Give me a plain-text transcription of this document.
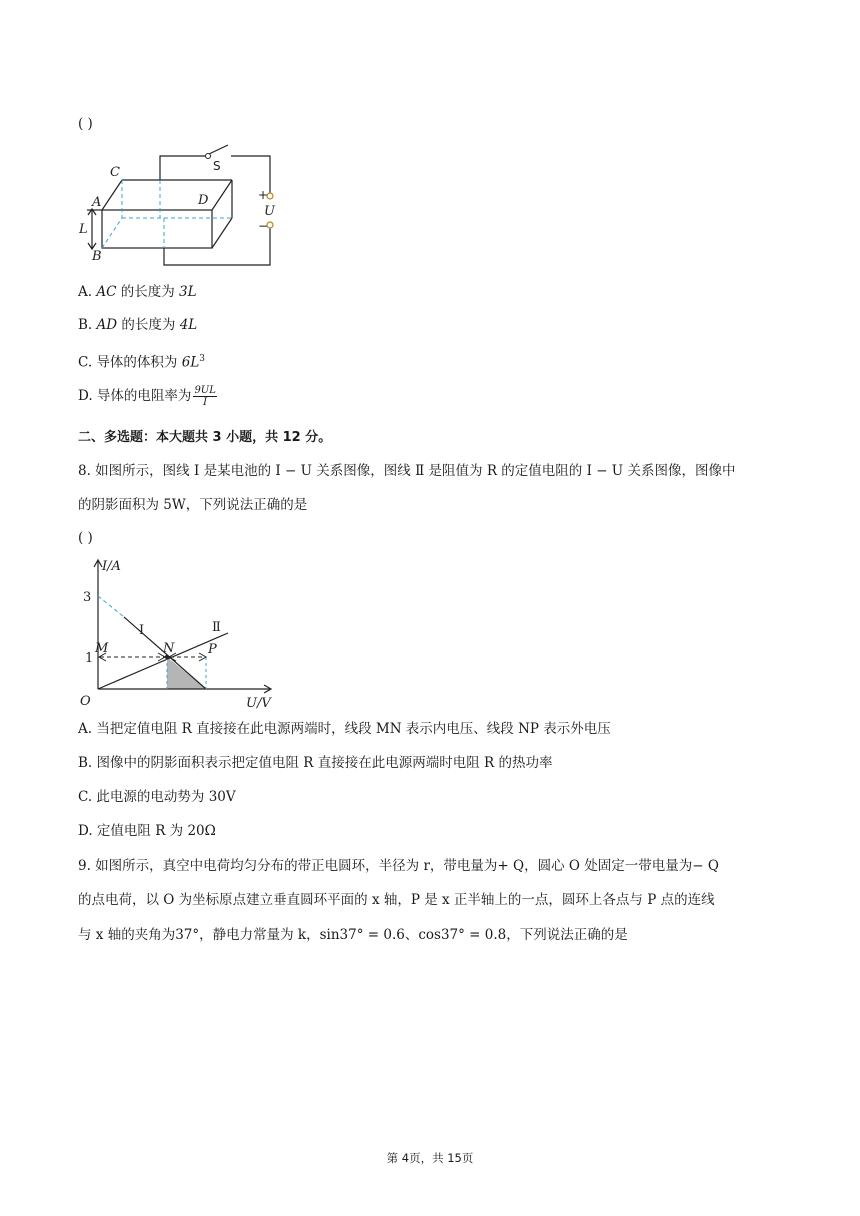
( )
C
A	D
B
L
U
S
+
−
A. AC 的长度为 3L
B. AD 的长度为 4L
C. 导体的体积为 $6L^3$
D. 导体的电阻率为 $\frac{9UL}{I}$
二、多选题：本大题共 3 小题，共 12 分。
8. 如图所示，图线 Ⅰ 是某电池的 I − U 关系图像，图线 Ⅱ 是阻值为 R 的定值电阻的 I − U 关系图像，图像中
的阴影面积为 5W，下列说法正确的是
( )
I/A
U/V
O
3
1
M	N	P
Ⅰ	Ⅱ
A. 当把定值电阻 R 直接接在此电源两端时，线段 MN 表示内电压、线段 NP 表示外电压
B. 图像中的阴影面积表示把定值电阻 R 直接接在此电源两端时电阻 R 的热功率
C. 此电源的电动势为 30V
D. 定值电阻 R 为 20Ω
9. 如图所示，真空中电荷均匀分布的带正电圆环，半径为 r，带电量为+ Q，圆心 O 处固定一带电量为− Q
的点电荷，以 O 为坐标原点建立垂直圆环平面的 x 轴，P 是 x 正半轴上的一点，圆环上各点与 P 点的连线
与 x 轴的夹角为37°，静电力常量为 k，sin37° = 0.6、cos37° = 0.8，下列说法正确的是
第 4页，共 15页
